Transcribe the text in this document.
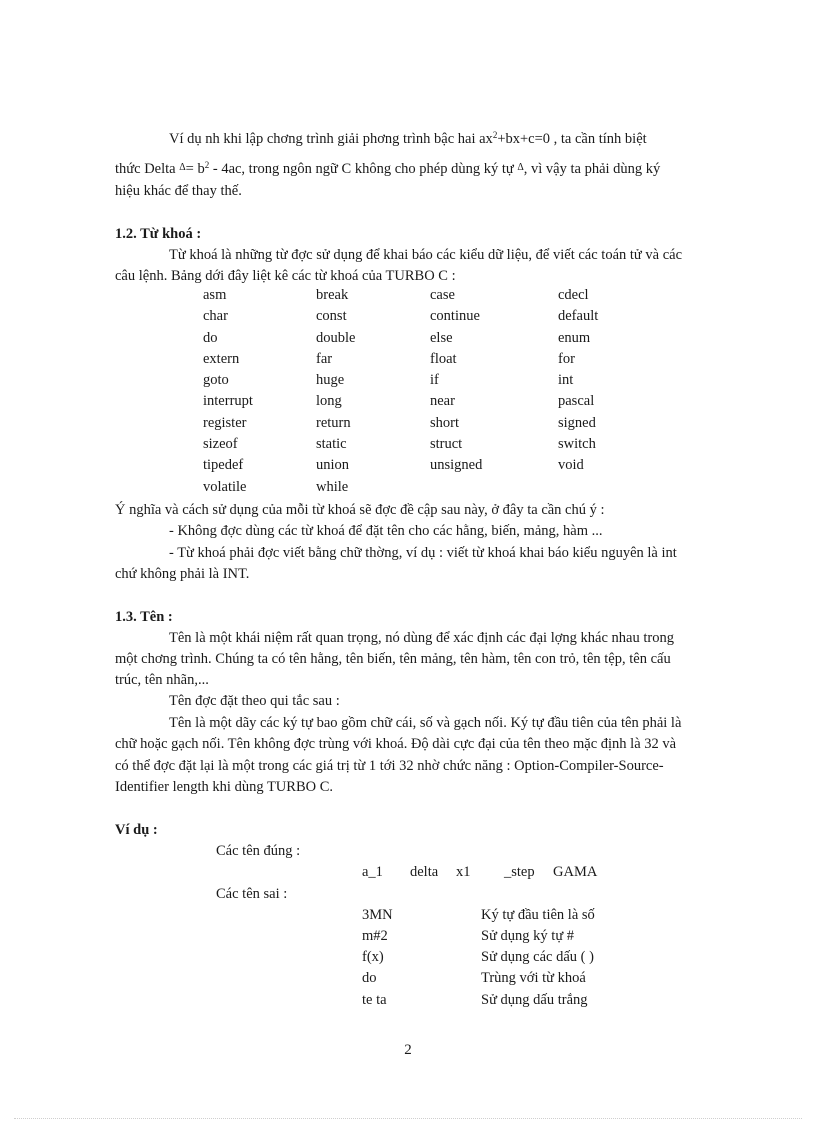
Ví dụ nh khi lập chơng trình giải phơng trình bậc hai $ax^2+bx+c=0$ , ta cần tính biệt
thức Delta $^\Delta= b^2 - 4ac$, trong ngôn ngữ C không cho phép dùng ký tự $^\Delta$, vì vậy ta phải dùng ký
hiệu khác để thay thế.
1.2. Từ khoá :
Từ khoá là những từ đợc sử dụng để khai báo các kiểu dữ liệu, để viết các toán tử và các
câu lệnh. Bảng dới đây liệt kê các từ khoá của TURBO C :
asm	break	case	cdecl
char	const	continue	default
do	double	else	enum
extern	far	float	for
goto	huge	if	int
interrupt	long	near	pascal
register	return	short	signed
sizeof	static	struct	switch
tipedef	union	unsigned	void
volatile	while
Ý nghĩa và cách sử dụng của mỗi từ khoá sẽ đợc đề cập sau này, ở đây ta cần chú ý :
- Không đợc dùng các từ khoá để đặt tên cho các hằng, biến, mảng, hàm ...
- Từ khoá phải đợc viết bằng chữ thờng, ví dụ : viết từ khoá khai báo kiểu nguyên là int
chứ không phải là INT.
1.3. Tên :
Tên là một khái niệm rất quan trọng, nó dùng để xác định các đại lợng khác nhau trong
một chơng trình. Chúng ta có tên hằng, tên biến, tên mảng, tên hàm, tên con trỏ, tên tệp, tên cấu
trúc, tên nhãn,...
Tên đợc đặt theo qui tắc sau :
Tên là một dãy các ký tự bao gồm chữ cái, số và gạch nối. Ký tự đầu tiên của tên phải là
chữ hoặc gạch nối. Tên không đợc trùng với khoá. Độ dài cực đại của tên theo mặc định là 32 và
có thể đợc đặt lại là một trong các giá trị từ 1 tới 32 nhờ chức năng : Option-Compiler-Source-
Identifier length khi dùng TURBO C.
Ví dụ :
Các tên đúng :
a_1 delta x1 _step GAMA
Các tên sai :
3MN	Ký tự đầu tiên là số
m#2	Sử dụng ký tự #
f(x)	Sử dụng các dấu ( )
do	Trùng với từ khoá
te ta	Sử dụng dấu trắng
2
